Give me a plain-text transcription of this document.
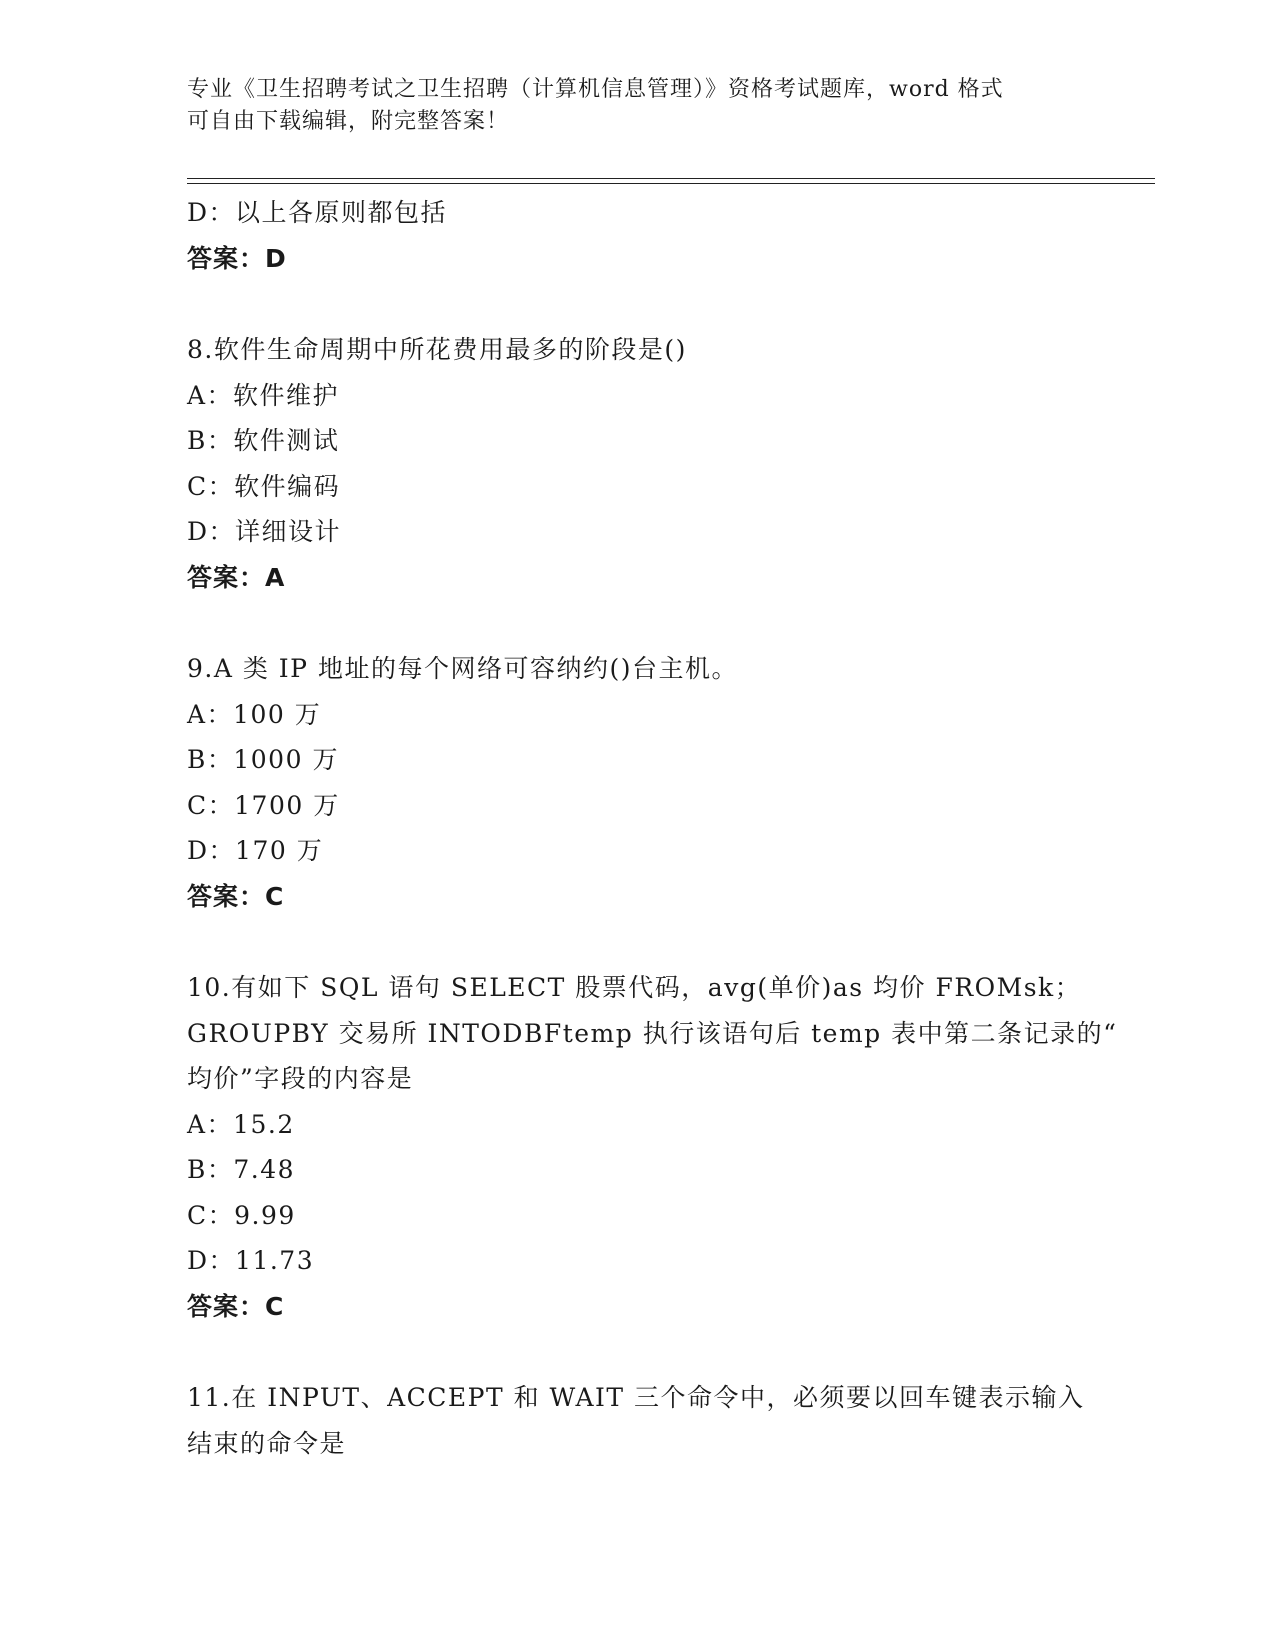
专业《卫生招聘考试之卫生招聘（计算机信息管理）》资格考试题库，word 格式
可自由下载编辑，附完整答案！
D：以上各原则都包括
答案：D
8.软件生命周期中所花费用最多的阶段是()
A：软件维护
B：软件测试
C：软件编码
D：详细设计
答案：A
9.A 类 IP 地址的每个网络可容纳约()台主机。
A：100 万
B：1000 万
C：1700 万
D：170 万
答案：C
10.有如下 SQL 语句 SELECT 股票代码，avg(单价)as 均价 FROMsk；
GROUPBY 交易所 INTODBFtemp 执行该语句后 temp 表中第二条记录的“
均价”字段的内容是
A：15.2
B：7.48
C：9.99
D：11.73
答案：C
11.在 INPUT、ACCEPT 和 WAIT 三个命令中，必须要以回车键表示输入
结束的命令是
